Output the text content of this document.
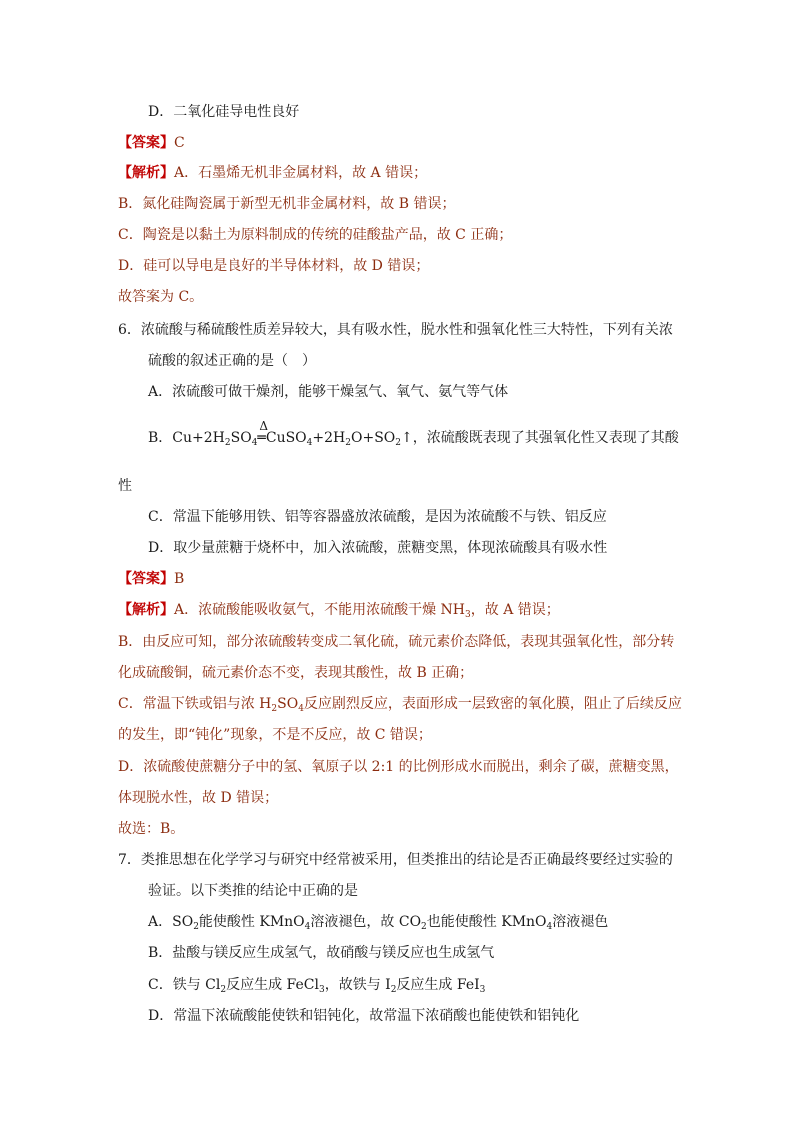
D．二氧化硅导电性良好
【答案】C
【解析】A．石墨烯无机非金属材料，故 A 错误；
B．氮化硅陶瓷属于新型无机非金属材料，故 B 错误；
C．陶瓷是以黏土为原料制成的传统的硅酸盐产品，故 C 正确；
D．硅可以导电是良好的半导体材料，故 D 错误；
故答案为 C。
6．浓硫酸与稀硫酸性质差异较大，具有吸水性，脱水性和强氧化性三大特性，下列有关浓
硫酸的叙述正确的是（　）
A．浓硫酸可做干燥剂，能够干燥氢气、氧气、氨气等气体
B．$Cu+2H_2SO_4$
Δ
$═CuSO_4+2H_2O+SO_2↑$，浓硫酸既表现了其强氧化性又表现了其酸
性
C．常温下能够用铁、铝等容器盛放浓硫酸，是因为浓硫酸不与铁、铝反应
D．取少量蔗糖于烧杯中，加入浓硫酸，蔗糖变黑，体现浓硫酸具有吸水性
【答案】B
【解析】A．浓硫酸能吸收氨气，不能用浓硫酸干燥 $NH_3$，故 A 错误；
B．由反应可知，部分浓硫酸转变成二氧化硫，硫元素价态降低，表现其强氧化性，部分转
化成硫酸铜，硫元素价态不变，表现其酸性，故 B 正确；
C．常温下铁或铝与浓 $H_2SO_4$反应剧烈反应，表面形成一层致密的氧化膜，阻止了后续反应
的发生，即“钝化”现象，不是不反应，故 C 错误；
D．浓硫酸使蔗糖分子中的氢、氧原子以 2:1 的比例形成水而脱出，剩余了碳，蔗糖变黑，
体现脱水性，故 D 错误；
故选：B。
7．类推思想在化学学习与研究中经常被采用，但类推出的结论是否正确最终要经过实验的
验证。以下类推的结论中正确的是
A．$SO_2$能使酸性 KMnO$_4$溶液褪色，故 $CO_2$也能使酸性 KMnO$_4$溶液褪色
B．盐酸与镁反应生成氢气，故硝酸与镁反应也生成氢气
C．铁与 $Cl_2$反应生成 FeCl$_3$，故铁与 $I_2$反应生成 FeI$_3$
D．常温下浓硫酸能使铁和铝钝化，故常温下浓硝酸也能使铁和铝钝化
